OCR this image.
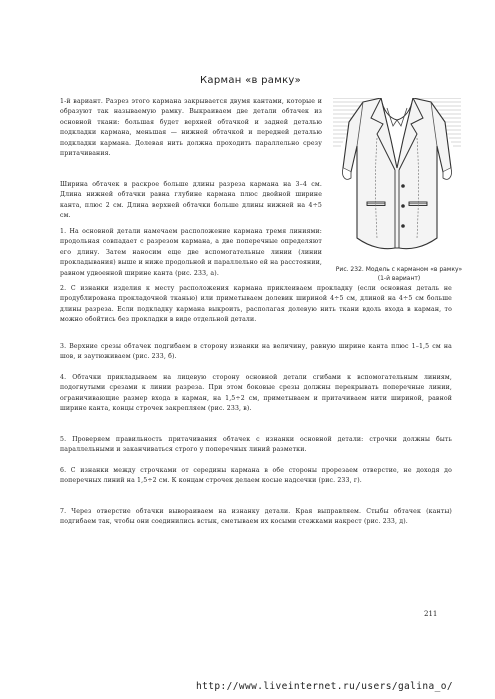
Карман «в рамку»

1-й вариант. Разрез этого кармана закрывается двумя кантами, которые и образуют так называемую рамку. Выкраиваем две детали обтачек из основной ткани: большая будет верхней обтачкой и задней деталью подкладки кармана, меньшая — нижней обтачкой и передней деталью подкладки кармана. Долевая нить должна проходить параллельно срезу притачивания.

Ширина обтачек в раскрое больше длины разреза кармана на 3–4 см. Длина нижней обтачки равна глубине кармана плюс двойной ширине канта, плюс 2 см. Длина верхней обтачки больше длины нижней на 4÷5 см.

1. На основной детали намечаем расположение кармана тремя линиями: продольная совпадает с разрезом кармана, а две поперечные определяют его длину. Затем наносим еще две вспомогательные линии (линии прокладывания) выше и ниже продольной и параллельно ей на расстоянии, равном удвоенной ширине канта (рис. 233, а).

2. С изнанки изделия к месту расположения кармана приклеиваем прокладку (если основная деталь не продублирована прокладочной тканью) или приметываем долевик шириной 4÷5 см, длиной на 4÷5 см больше длины разреза. Если подкладку кармана выкроить, располагая долевую нить ткани вдоль входа в карман, то можно обойтись без прокладки в виде отдельной детали.

3. Верхние срезы обтачек подгибаем в сторону изнанки на величину, равную ширине канта плюс 1–1,5 см на шов, и заутюживаем (рис. 233, б).

4. Обтачки прикладываем на лицевую сторону основной детали сгибами к вспомогательным линиям, подогнутыми срезами к линии разреза. При этом боковые срезы должны перекрывать поперечные линии, ограничивающие размер входа в карман, на 1,5÷2 см, приметываем и притачиваем нити шириной, равной ширине канта, концы строчек закрепляем (рис. 233, в).

5. Проверяем правильность притачивания обтачек с изнанки основной детали: строчки должны быть параллельными и заканчиваться строго у поперечных линий разметки.

6. С изнанки между строчками от середины кармана в обе стороны прорезаем отверстие, не доходя до поперечных линий на 1,5÷2 см. К концам строчек делаем косые надсечки (рис. 233, г).

7. Через отверстие обтачки вывораиваем на изнанку детали. Края выправляем. Стыбы обтачек (канты) подгибаем так, чтобы они соединились встык, сметываем их косыми стежками накрест (рис. 233, д).

Рис. 232. Модель с карманом «в рамку» (1-й вариант)
211
http://www.liveinternet.ru/users/galina_o/
